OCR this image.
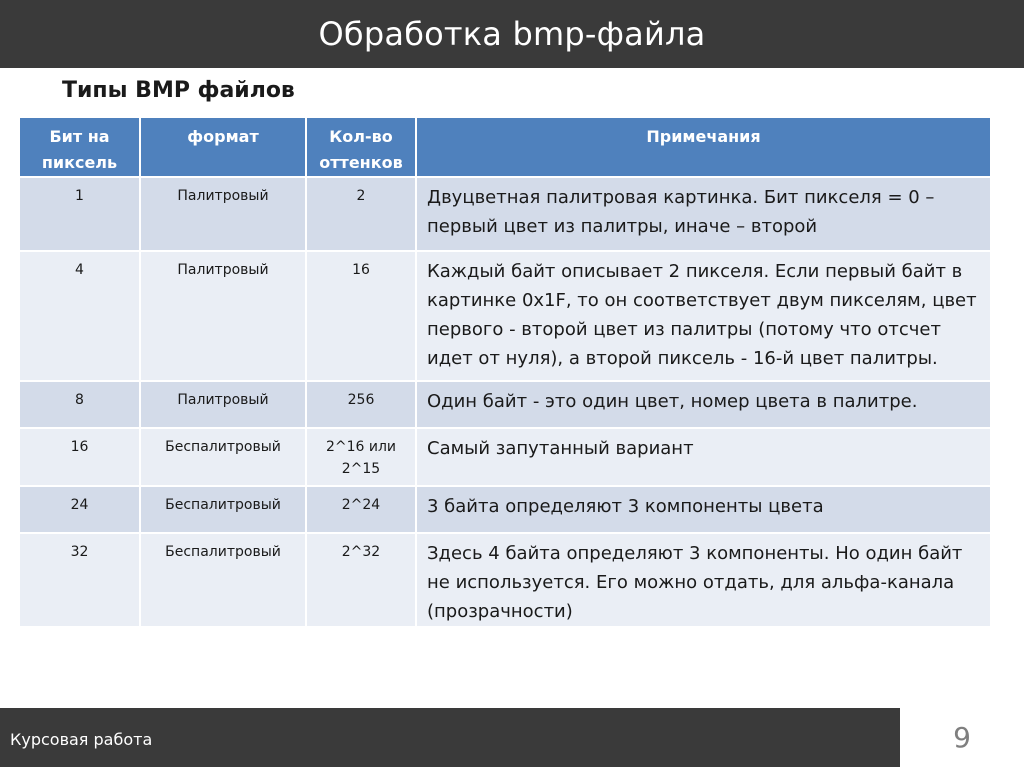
Обработка bmp-файла
Типы BMP файлов
Бит на пиксель	формат	Кол-во оттенков	Примечания
1	Палитровый	2	Двуцветная палитровая картинка. Бит пикселя = 0 – первый цвет из палитры, иначе – второй
4	Палитровый	16	Каждый байт описывает 2 пикселя. Если первый байт в картинке 0x1F, то он соответствует двум пикселям, цвет первого - второй цвет из палитры (потому что отсчет идет от нуля), а второй пиксель - 16-й цвет палитры.
8	Палитровый	256	Один байт - это один цвет, номер цвета в палитре.
16	Беспалитровый	2^16 или 2^15	Самый запутанный вариант
24	Беспалитровый	2^24	3 байта определяют 3 компоненты цвета
32	Беспалитровый	2^32	Здесь 4 байта определяют 3 компоненты. Но один байт не используется. Его можно отдать, для альфа-канала (прозрачности)
Курсовая работа	9
